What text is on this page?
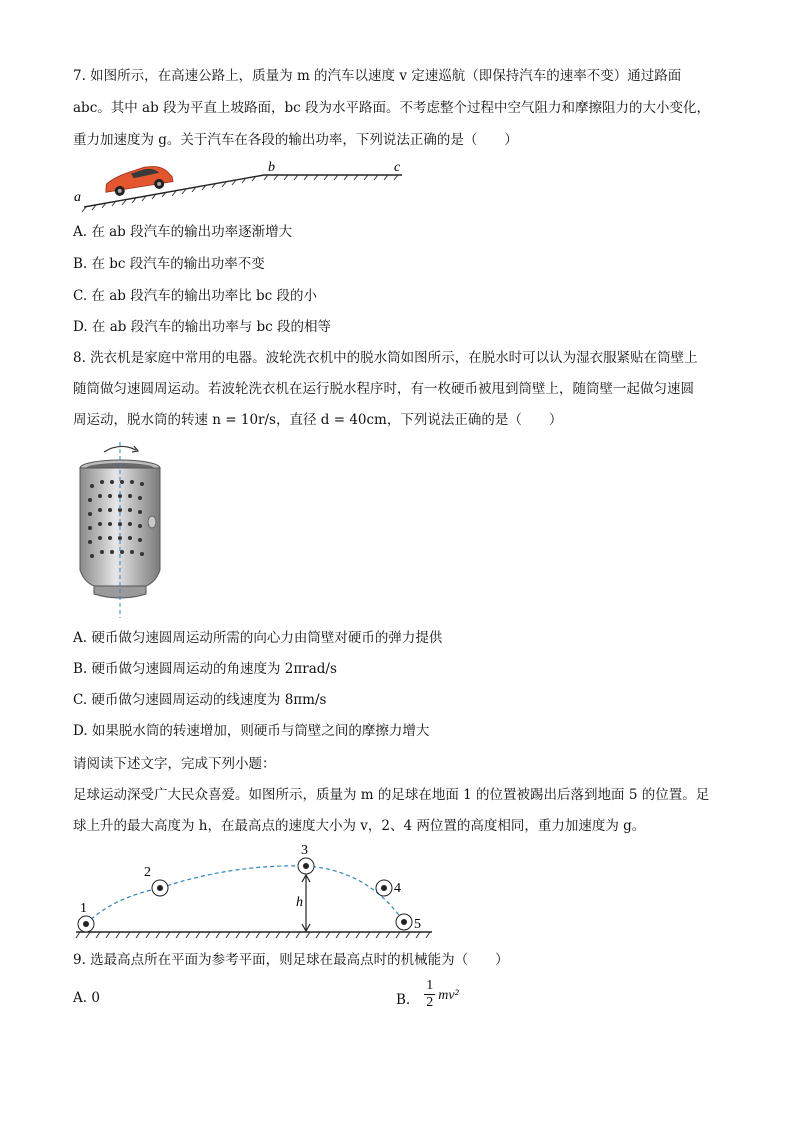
7. 如图所示，在高速公路上，质量为 m 的汽车以速度 v 定速巡航（即保持汽车的速率不变）通过路面
abc。其中 ab 段为平直上坡路面，bc 段为水平路面。不考虑整个过程中空气阻力和摩擦阻力的大小变化，
重力加速度为 g。关于汽车在各段的输出功率，下列说法正确的是（　　）
a
b	c
A. 在 ab 段汽车的输出功率逐渐增大
B. 在 bc 段汽车的输出功率不变
C. 在 ab 段汽车的输出功率比 bc 段的小
D. 在 ab 段汽车的输出功率与 bc 段的相等
8. 洗衣机是家庭中常用的电器。波轮洗衣机中的脱水筒如图所示，在脱水时可以认为湿衣服紧贴在筒壁上
随筒做匀速圆周运动。若波轮洗衣机在运行脱水程序时，有一枚硬币被甩到筒壁上，随筒壁一起做匀速圆
周运动，脱水筒的转速 n = 10r/s，直径 d = 40cm，下列说法正确的是（　　）
A. 硬币做匀速圆周运动所需的向心力由筒壁对硬币的弹力提供
B. 硬币做匀速圆周运动的角速度为 2πrad/s
C. 硬币做匀速圆周运动的线速度为 8πm/s
D. 如果脱水筒的转速增加，则硬币与筒壁之间的摩擦力增大
请阅读下述文字，完成下列小题：
足球运动深受广大民众喜爱。如图所示，质量为 m 的足球在地面 1 的位置被踢出后落到地面 5 的位置。足
球上升的最大高度为 h，在最高点的速度大小为 v，2、4 两位置的高度相同，重力加速度为 g。
1
2
3
4
5
h
9. 选最高点所在平面为参考平面，则足球在最高点时的机械能为（　　）
A. 0	B. $\frac{1}{2} mv^2$
